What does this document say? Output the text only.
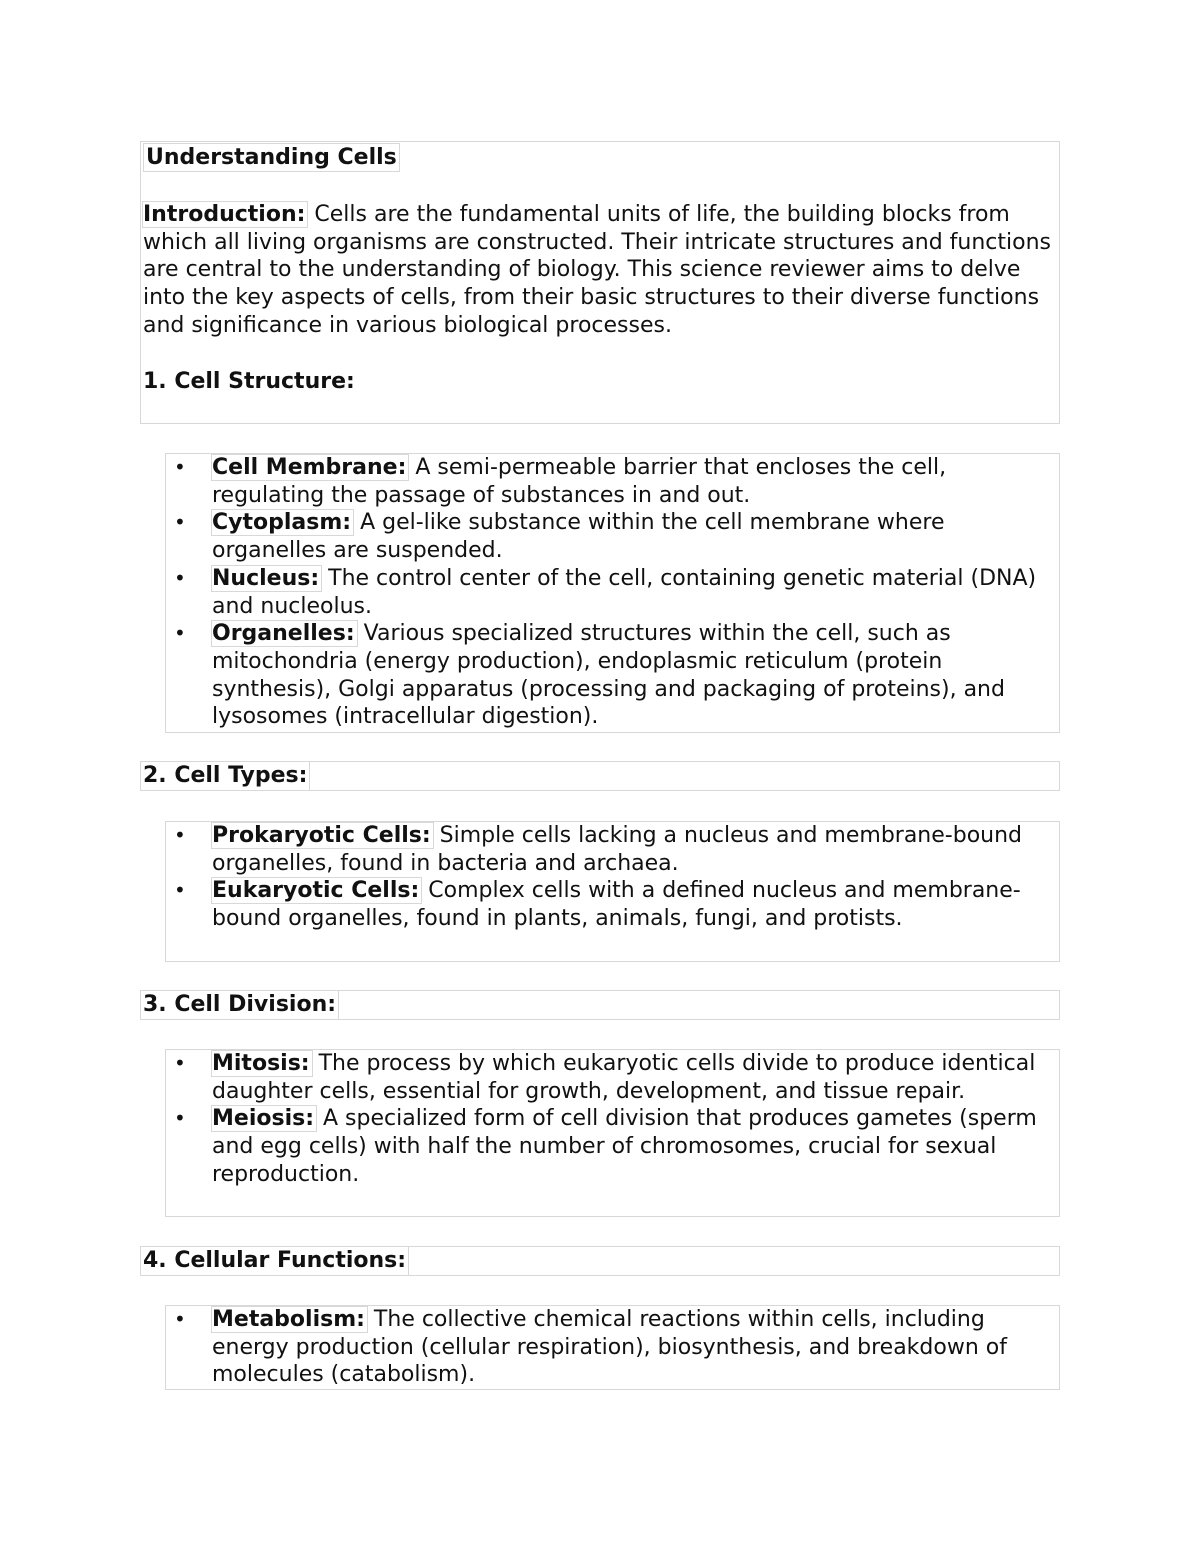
Understanding Cells
Introduction: Cells are the fundamental units of life, the building blocks from which all living organisms are constructed. Their intricate structures and functions are central to the understanding of biology. This science reviewer aims to delve into the key aspects of cells, from their basic structures to their diverse functions and significance in various biological processes.
1. Cell Structure:
• Cell Membrane: A semi-permeable barrier that encloses the cell, regulating the passage of substances in and out.
• Cytoplasm: A gel-like substance within the cell membrane where organelles are suspended.
• Nucleus: The control center of the cell, containing genetic material (DNA) and nucleolus.
• Organelles: Various specialized structures within the cell, such as mitochondria (energy production), endoplasmic reticulum (protein synthesis), Golgi apparatus (processing and packaging of proteins), and lysosomes (intracellular digestion).
2. Cell Types:
• Prokaryotic Cells: Simple cells lacking a nucleus and membrane-bound organelles, found in bacteria and archaea.
• Eukaryotic Cells: Complex cells with a defined nucleus and membrane-bound organelles, found in plants, animals, fungi, and protists.
3. Cell Division:
• Mitosis: The process by which eukaryotic cells divide to produce identical daughter cells, essential for growth, development, and tissue repair.
• Meiosis: A specialized form of cell division that produces gametes (sperm and egg cells) with half the number of chromosomes, crucial for sexual reproduction.
4. Cellular Functions:
• Metabolism: The collective chemical reactions within cells, including energy production (cellular respiration), biosynthesis, and breakdown of molecules (catabolism).
